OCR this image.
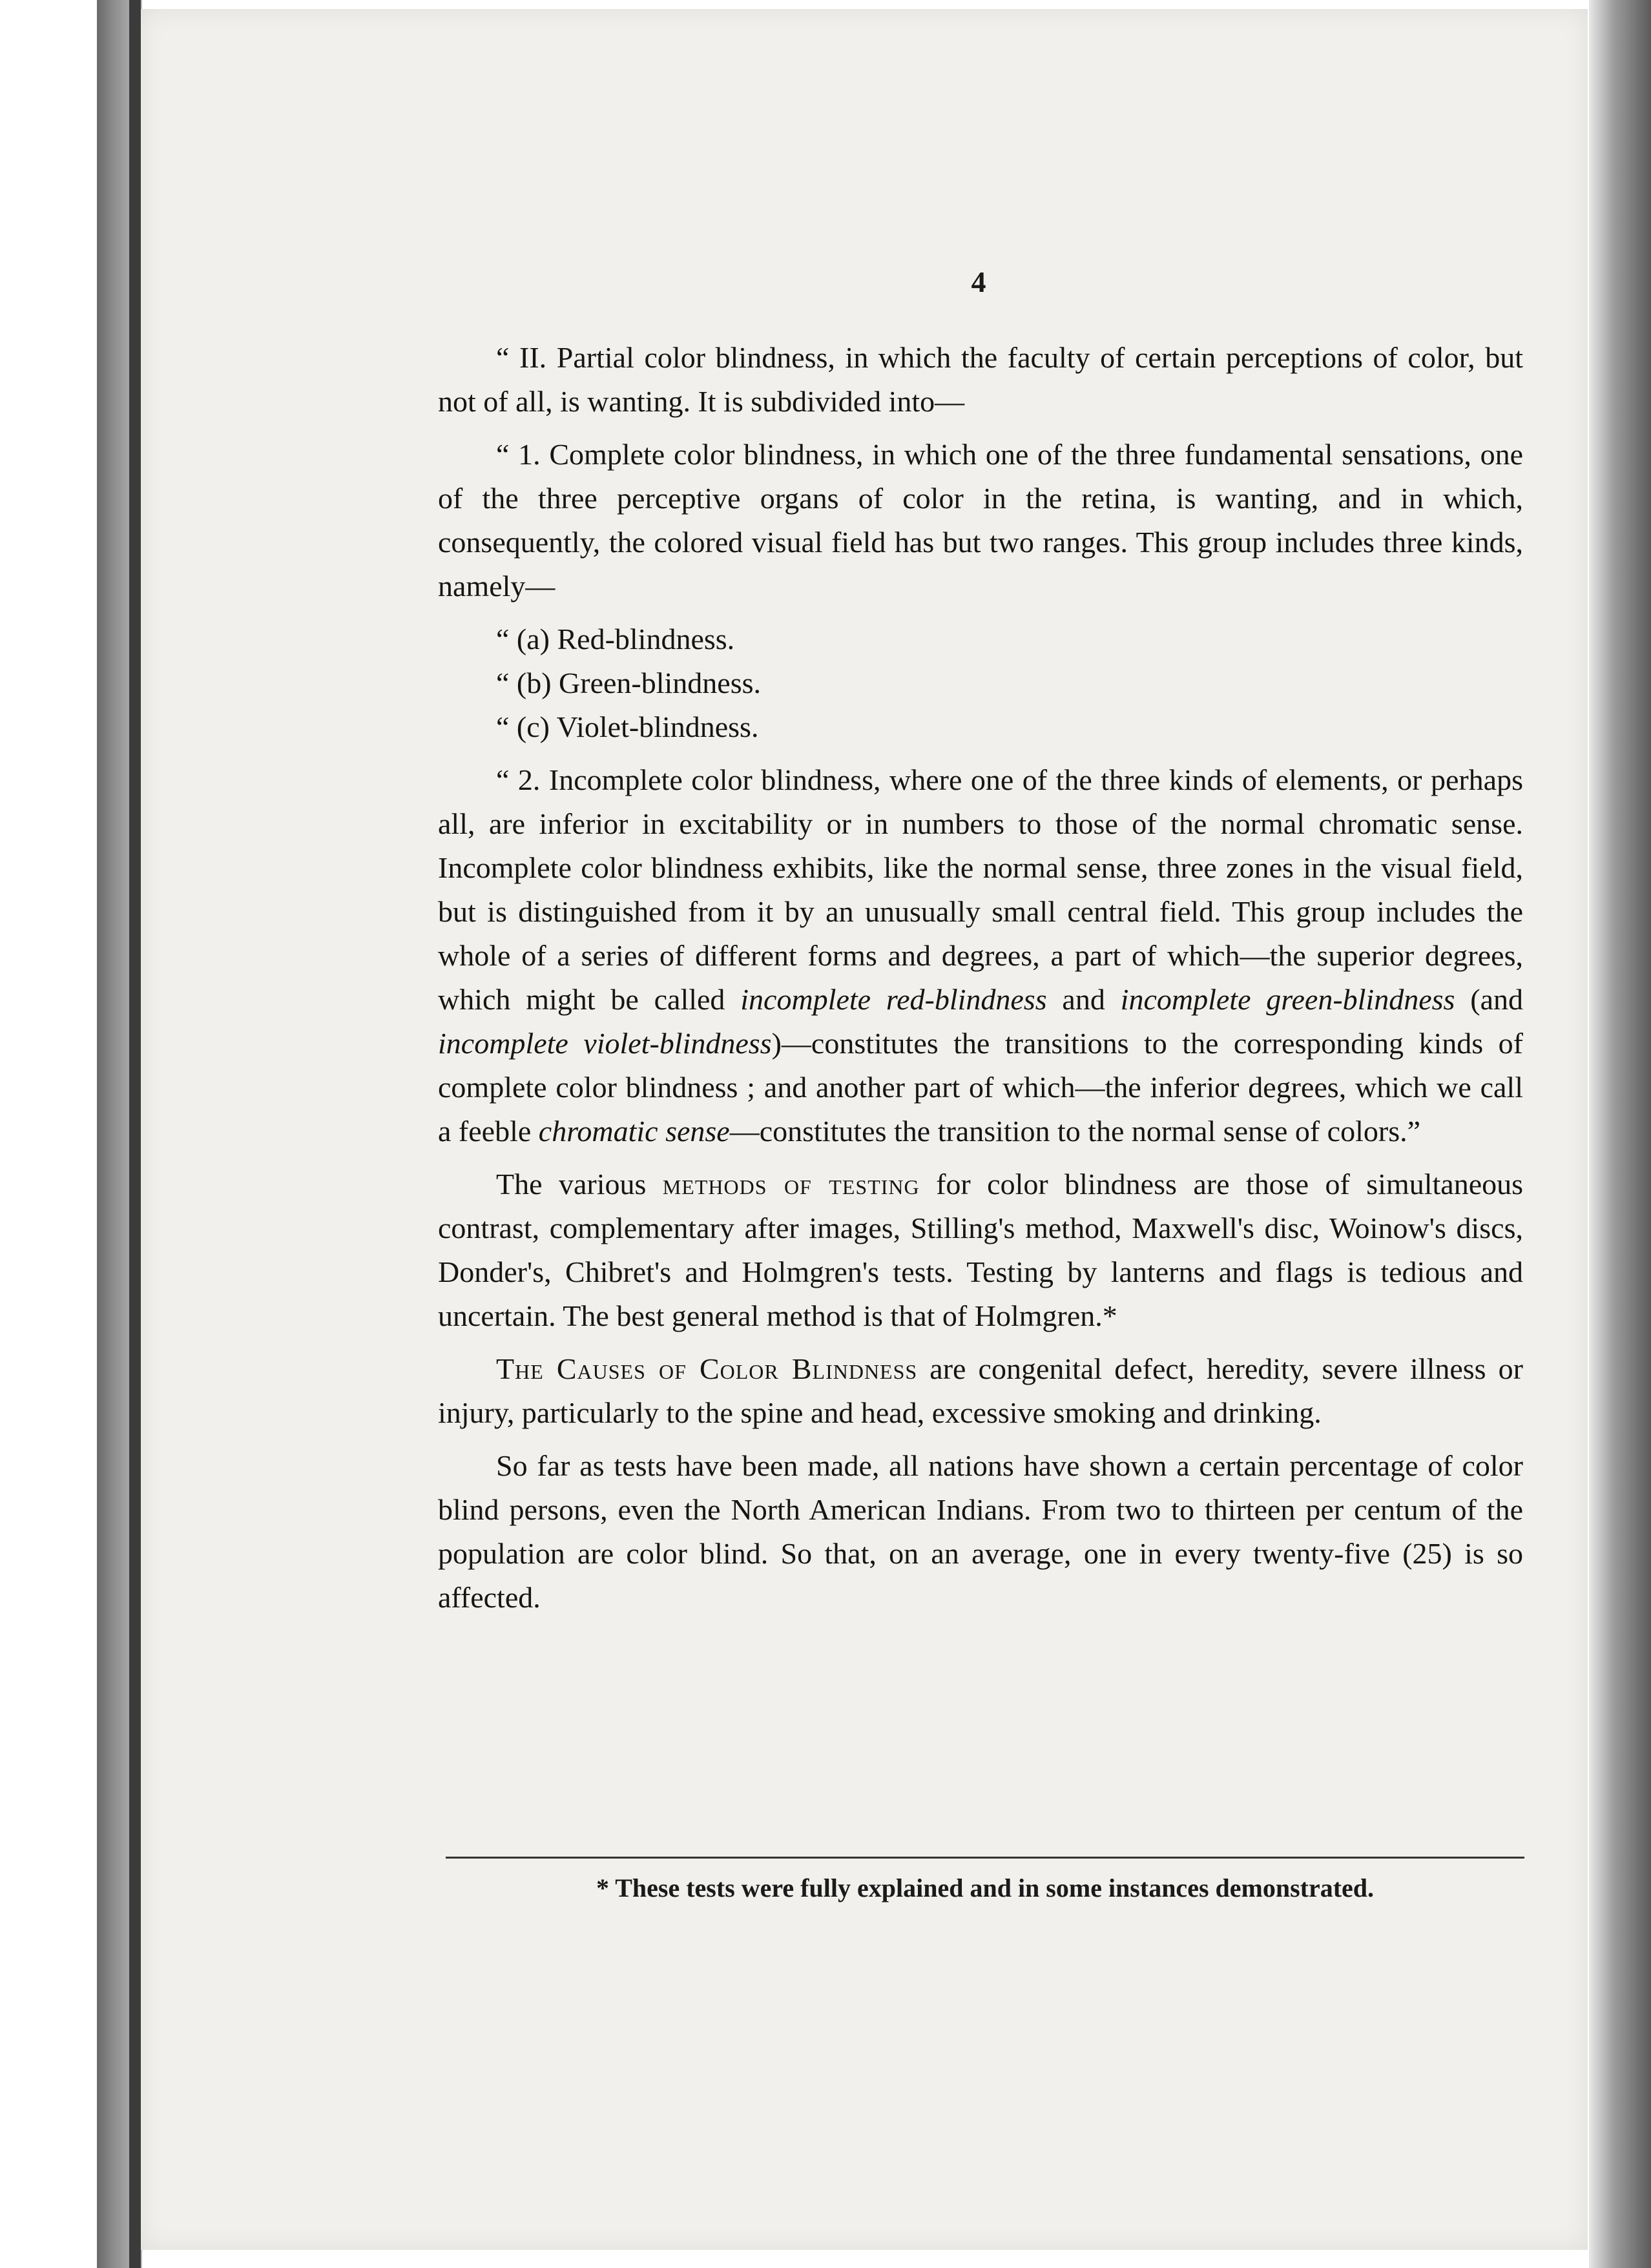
4

“ II. Partial color blindness, in which the faculty of certain perceptions of color, but not of all, is wanting. It is subdivided into—

“ 1. Complete color blindness, in which one of the three fundamental sensations, one of the three perceptive organs of color in the retina, is wanting, and in which, consequently, the colored visual field has but two ranges. This group includes three kinds, namely—

“ (a) Red-blindness.

“ (b) Green-blindness.

“ (c) Violet-blindness.

“ 2. Incomplete color blindness, where one of the three kinds of elements, or perhaps all, are inferior in excitability or in numbers to those of the normal chromatic sense. Incomplete color blindness exhibits, like the normal sense, three zones in the visual field, but is distinguished from it by an unusually small central field. This group includes the whole of a series of different forms and degrees, a part of which—the superior degrees, which might be called incomplete red-blindness and incomplete green-blindness (and incomplete violet-blindness)—constitutes the transitions to the corresponding kinds of complete color blindness ; and another part of which—the inferior degrees, which we call a feeble chromatic sense—constitutes the transition to the normal sense of colors.”

The various methods of testing for color blindness are those of simultaneous contrast, complementary after images, Stilling's method, Maxwell's disc, Woinow's discs, Donder's, Chibret's and Holmgren's tests. Testing by lanterns and flags is tedious and uncertain. The best general method is that of Holmgren.*

The Causes of Color Blindness are congenital defect, heredity, severe illness or injury, particularly to the spine and head, excessive smoking and drinking.

So far as tests have been made, all nations have shown a certain percentage of color blind persons, even the North American Indians. From two to thirteen per centum of the population are color blind. So that, on an average, one in every twenty-five (25) is so affected.

* These tests were fully explained and in some instances demonstrated.
